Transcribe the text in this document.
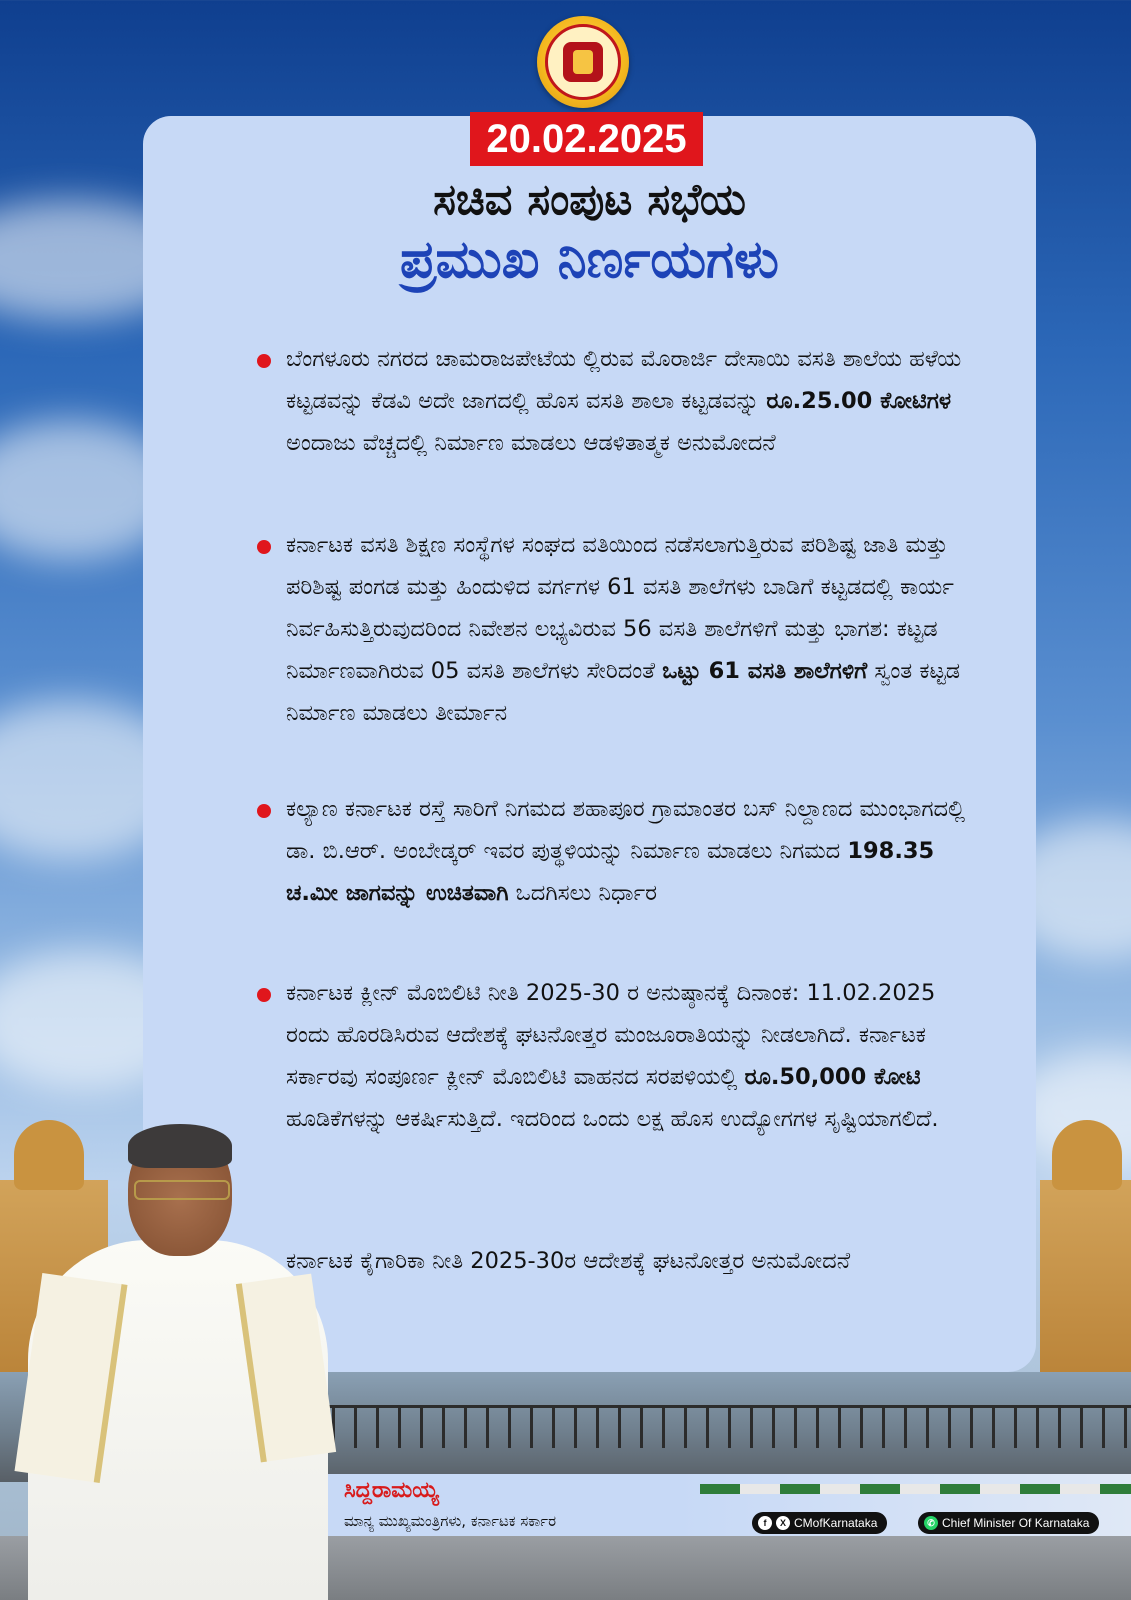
20.02.2025
ಸಚಿವ ಸಂಪುಟ ಸಭೆಯ
ಪ್ರಮುಖ ನಿರ್ಣಯಗಳು
ಬೆಂಗಳೂರು ನಗರದ ಚಾಮರಾಜಪೇಟೆಯ ಲ್ಲಿರುವ ಮೊರಾರ್ಜಿ ದೇಸಾಯಿ ವಸತಿ ಶಾಲೆಯ ಹಳೆಯ ಕಟ್ಟಡವನ್ನು ಕೆಡವಿ ಅದೇ ಜಾಗದಲ್ಲಿ ಹೊಸ ವಸತಿ ಶಾಲಾ ಕಟ್ಟಡವನ್ನು ರೂ.25.00 ಕೋಟಿಗಳ ಅಂದಾಜು ವೆಚ್ಚದಲ್ಲಿ ನಿರ್ಮಾಣ ಮಾಡಲು ಆಡಳಿತಾತ್ಮಕ ಅನುಮೋದನೆ
ಕರ್ನಾಟಕ ವಸತಿ ಶಿಕ್ಷಣ ಸಂಸ್ಥೆಗಳ ಸಂಘದ ವತಿಯಿಂದ ನಡೆಸಲಾಗುತ್ತಿರುವ ಪರಿಶಿಷ್ಟ ಜಾತಿ ಮತ್ತು ಪರಿಶಿಷ್ಟ ಪಂಗಡ ಮತ್ತು ಹಿಂದುಳಿದ ವರ್ಗಗಳ 61 ವಸತಿ ಶಾಲೆಗಳು ಬಾಡಿಗೆ ಕಟ್ಟಡದಲ್ಲಿ ಕಾರ್ಯ ನಿರ್ವಹಿಸುತ್ತಿರುವುದರಿಂದ ನಿವೇಶನ ಲಭ್ಯವಿರುವ 56 ವಸತಿ ಶಾಲೆಗಳಿಗೆ ಮತ್ತು ಭಾಗಶ: ಕಟ್ಟಡ ನಿರ್ಮಾಣವಾಗಿರುವ 05 ವಸತಿ ಶಾಲೆಗಳು ಸೇರಿದಂತೆ ಒಟ್ಟು 61 ವಸತಿ ಶಾಲೆಗಳಿಗೆ ಸ್ವಂತ ಕಟ್ಟಡ ನಿರ್ಮಾಣ ಮಾಡಲು ತೀರ್ಮಾನ
ಕಲ್ಯಾಣ ಕರ್ನಾಟಕ ರಸ್ತೆ ಸಾರಿಗೆ ನಿಗಮದ ಶಹಾಪೂರ ಗ್ರಾಮಾಂತರ ಬಸ್ ನಿಲ್ದಾಣದ ಮುಂಭಾಗದಲ್ಲಿ ಡಾ. ಬಿ.ಆರ್. ಅಂಬೇಡ್ಕರ್ ಇವರ ಪುತ್ಥಳಿಯನ್ನು ನಿರ್ಮಾಣ ಮಾಡಲು ನಿಗಮದ 198.35 ಚ.ಮೀ ಜಾಗವನ್ನು ಉಚಿತವಾಗಿ ಒದಗಿಸಲು ನಿರ್ಧಾರ
ಕರ್ನಾಟಕ ಕ್ಲೀನ್ ಮೊಬಿಲಿಟಿ ನೀತಿ 2025-30 ರ ಅನುಷ್ಠಾನಕ್ಕೆ ದಿನಾಂಕ: 11.02.2025 ರಂದು ಹೊರಡಿಸಿರುವ ಆದೇಶಕ್ಕೆ ಘಟನೋತ್ತರ ಮಂಜೂರಾತಿಯನ್ನು ನೀಡಲಾಗಿದೆ. ಕರ್ನಾಟಕ ಸರ್ಕಾರವು ಸಂಪೂರ್ಣ ಕ್ಲೀನ್ ಮೊಬಿಲಿಟಿ ವಾಹನದ ಸರಪಳಿಯಲ್ಲಿ ರೂ.50,000 ಕೋಟಿ ಹೂಡಿಕೆಗಳನ್ನು ಆಕರ್ಷಿಸುತ್ತಿದೆ. ಇದರಿಂದ ಒಂದು ಲಕ್ಷ ಹೊಸ ಉದ್ಯೋಗಗಳ ಸೃಷ್ಟಿಯಾಗಲಿದೆ.
ಕರ್ನಾಟಕ ಕೈಗಾರಿಕಾ ನೀತಿ 2025-30ರ ಆದೇಶಕ್ಕೆ ಘಟನೋತ್ತರ ಅನುಮೋದನೆ
ಸಿದ್ದರಾಮಯ್ಯ
ಮಾನ್ಯ ಮುಖ್ಯಮಂತ್ರಿಗಳು, ಕರ್ನಾಟಕ ಸರ್ಕಾರ	f	X CMofKarnataka	✆ Chief Minister Of Karnataka
